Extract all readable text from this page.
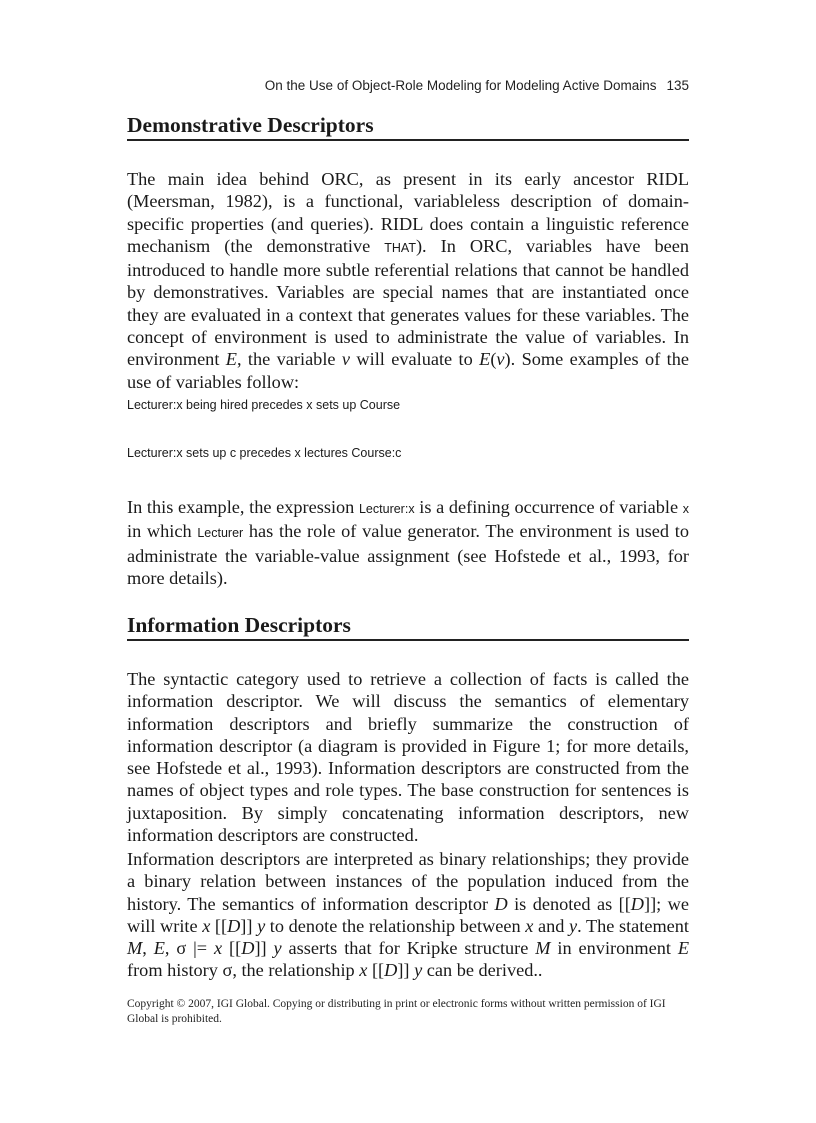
On the Use of Object-Role Modeling for Modeling Active Domains 135
Demonstrative Descriptors
The main idea behind ORC, as present in its early ancestor RIDL (Meersman, 1982), is a functional, variableless description of domain-specific properties (and queries). RIDL does contain a linguistic reference mechanism (the demonstrative THAT). In ORC, variables have been introduced to handle more subtle referential relations that cannot be handled by demonstratives. Variables are special names that are instantiated once they are evaluated in a context that generates values for these variables. The concept of environment is used to administrate the value of variables. In environment E, the variable v will evaluate to E(v). Some examples of the use of variables follow:
Lecturer:x being hired precedes x sets up Course
Lecturer:x sets up c precedes x lectures Course:c
In this example, the expression Lecturer:x is a defining occurrence of variable x in which Lecturer has the role of value generator. The environment is used to administrate the variable-value assignment (see Hofstede et al., 1993, for more details).
Information Descriptors
The syntactic category used to retrieve a collection of facts is called the information descriptor. We will discuss the semantics of elementary information descriptors and briefly summarize the construction of information descriptor (a diagram is provided in Figure 1; for more details, see Hofstede et al., 1993). Information descriptors are constructed from the names of object types and role types. The base construction for sentences is juxtaposition. By simply concatenating information descriptors, new information descriptors are constructed.
Information descriptors are interpreted as binary relationships; they provide a binary relation between instances of the population induced from the history. The semantics of information descriptor D is denoted as [[D]]; we will write x [[D]] y to denote the relationship between x and y. The statement M, E, σ |= x [[D]] y asserts that for Kripke structure M in environment E from history σ, the relationship x [[D]] y can be derived..
Copyright © 2007, IGI Global. Copying or distributing in print or electronic forms without written permission of IGI Global is prohibited.
